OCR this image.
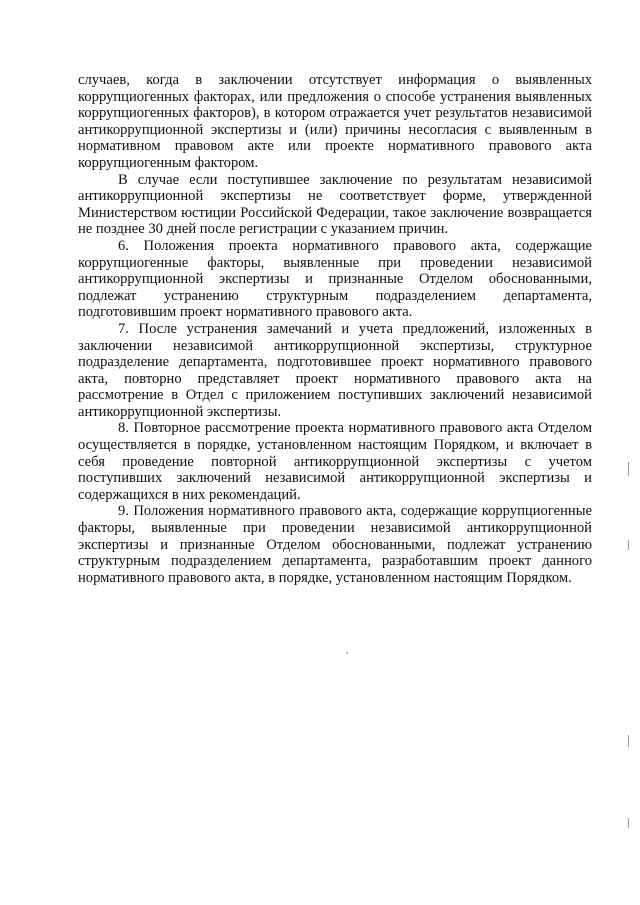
случаев, когда в заключении отсутствует информация о выявленных коррупциогенных факторах, или предложения о способе устранения выявленных коррупциогенных факторов), в котором отражается учет результатов независимой антикоррупционной экспертизы и (или) причины несогласия с выявленным в нормативном правовом акте или проекте нормативного правового акта коррупциогенным фактором.

В случае если поступившее заключение по результатам независимой антикоррупционной экспертизы не соответствует форме, утвержденной Министерством юстиции Российской Федерации, такое заключение возвращается не позднее 30 дней после регистрации с указанием причин.

6. Положения проекта нормативного правового акта, содержащие коррупциогенные факторы, выявленные при проведении независимой антикоррупционной экспертизы и признанные Отделом обоснованными, подлежат устранению структурным подразделением департамента, подготовившим проект нормативного правового акта.

7. После устранения замечаний и учета предложений, изложенных в заключении независимой антикоррупционной экспертизы, структурное подразделение департамента, подготовившее проект нормативного правового акта, повторно представляет проект нормативного правового акта на рассмотрение в Отдел с приложением поступивших заключений независимой антикоррупционной экспертизы.

8. Повторное рассмотрение проекта нормативного правового акта Отделом осуществляется в порядке, установленном настоящим Порядком, и включает в себя проведение повторной антикоррупционной экспертизы с учетом поступивших заключений независимой антикоррупционной экспертизы и содержащихся в них рекомендаций.

9. Положения нормативного правового акта, содержащие коррупциогенные факторы, выявленные при проведении независимой антикоррупционной экспертизы и признанные Отделом обоснованными, подлежат устранению структурным подразделением департамента, разработавшим проект данного нормативного правового акта, в порядке, установленном настоящим Порядком.
